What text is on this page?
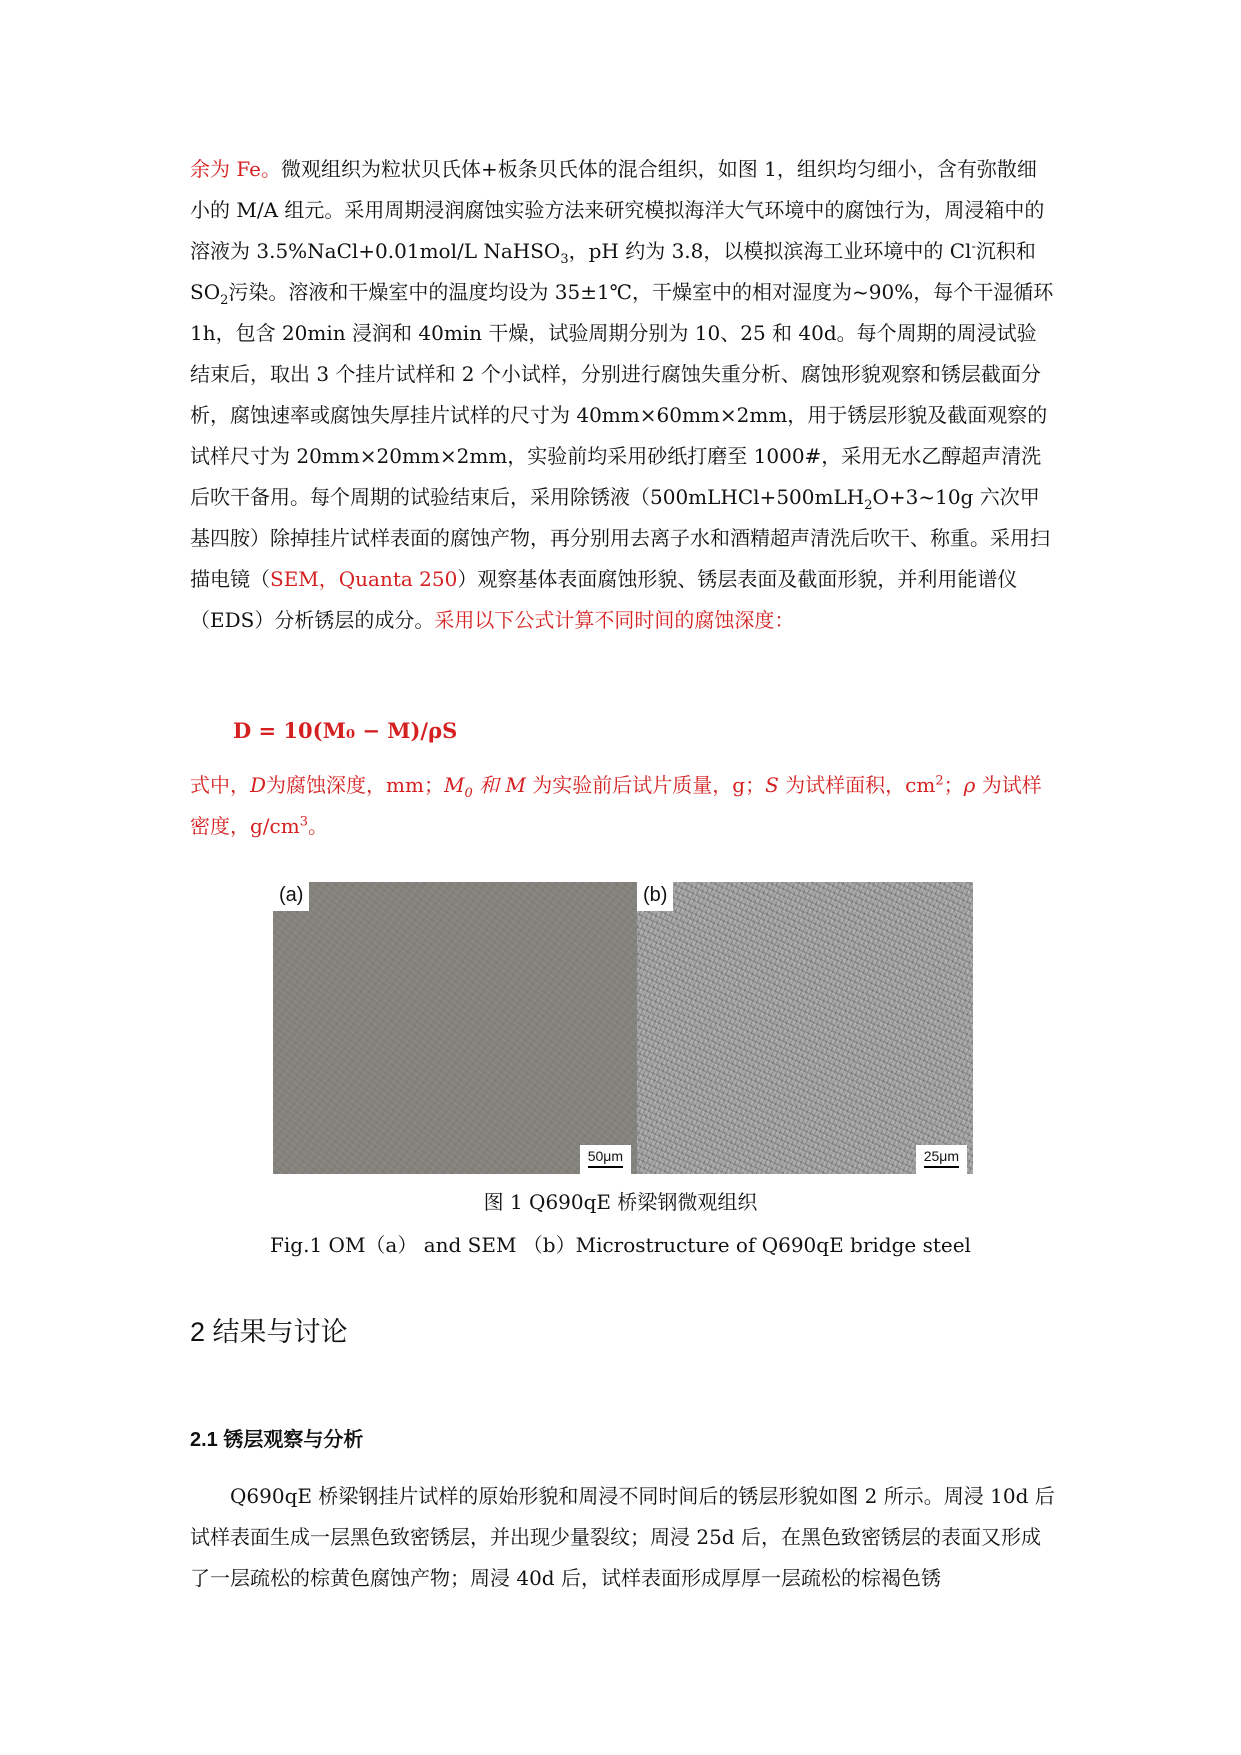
余为 Fe。微观组织为粒状贝氏体+板条贝氏体的混合组织，如图 1，组织均匀细小，含有弥散细小的 M/A 组元。采用周期浸润腐蚀实验方法来研究模拟海洋大气环境中的腐蚀行为，周浸箱中的溶液为 3.5%NaCl+0.01mol/L NaHSO$_3$，pH 约为 3.8，以模拟滨海工业环境中的 Cl-沉积和 $SO_2$污染。溶液和干燥室中的温度均设为 35±1℃，干燥室中的相对湿度为~90%，每个干湿循环 1h，包含 20min 浸润和 40min 干燥，试验周期分别为 10、25 和 40d。每个周期的周浸试验结束后，取出 3 个挂片试样和 2 个小试样，分别进行腐蚀失重分析、腐蚀形貌观察和锈层截面分析，腐蚀速率或腐蚀失厚挂片试样的尺寸为 40mm×60mm×2mm，用于锈层形貌及截面观察的试样尺寸为 20mm×20mm×2mm，实验前均采用砂纸打磨至 1000#，采用无水乙醇超声清洗后吹干备用。每个周期的试验结束后，采用除锈液（500mLHCl+500mLH$_2$O+3~10g 六次甲基四胺）除掉挂片试样表面的腐蚀产物，再分别用去离子水和酒精超声清洗后吹干、称重。采用扫描电镜（SEM，Quanta 250）观察基体表面腐蚀形貌、锈层表面及截面形貌，并利用能谱仪（EDS）分析锈层的成分。采用以下公式计算不同时间的腐蚀深度：

D = 10(M₀ − M)/ρS

式中，D为腐蚀深度，mm；$M_0$ 和 M 为实验前后试片质量，g；S 为试样面积，$cm^2$；ρ 为试样密度，$g/cm^3$。

(a)
50μm
(b)
25μm
图 1 Q690qE 桥梁钢微观组织
Fig.1 OM（a） and SEM （b）Microstructure of Q690qE bridge steel
2 结果与讨论
2.1 锈层观察与分析

Q690qE 桥梁钢挂片试样的原始形貌和周浸不同时间后的锈层形貌如图 2 所示。周浸 10d 后试样表面生成一层黑色致密锈层，并出现少量裂纹；周浸 25d 后，在黑色致密锈层的表面又形成了一层疏松的棕黄色腐蚀产物；周浸 40d 后，试样表面形成厚厚一层疏松的棕褐色锈
